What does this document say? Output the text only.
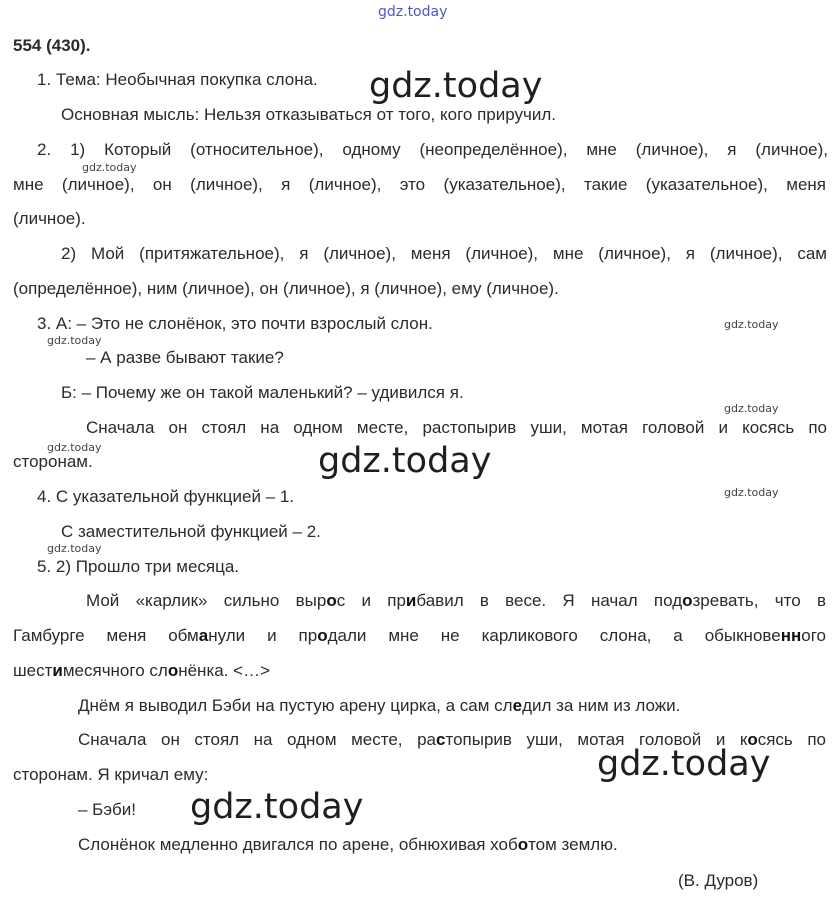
gdz.today
554 (430).
1. Тема: Необычная покупка слона.
Основная мысль: Нельзя отказываться от того, кого приручил.
2. 1) Который (относительное), одному (неопределённое), мне (личное), я (личное),
мне (личное), он (личное), я (личное), это (указательное), такие (указательное), меня
(личное).
2) Мой (притяжательное), я (личное), меня (личное), мне (личное), я (личное), сам
(определённое), ним (личное), он (личное), я (личное), ему (личное).
3. А: – Это не слонёнок, это почти взрослый слон.
– А разве бывают такие?
Б: – Почему же он такой маленький? – удивился я.
Сначала он стоял на одном месте, растопырив уши, мотая головой и косясь по
сторонам.
4. С указательной функцией – 1.
С заместительной функцией – 2.
5. 2) Прошло три месяца.
Мой «карлик» сильно вырос и прибавил в весе. Я начал подозревать, что в
Гамбурге меня обманули и продали мне не карликового слона, а обыкновенного
шестимесячного слонёнка. <…>
Днём я выводил Бэби на пустую арену цирка, а сам следил за ним из ложи.
Сначала он стоял на одном месте, растопырив уши, мотая головой и косясь по
сторонам. Я кричал ему:
– Бэби!
Слонёнок медленно двигался по арене, обнюхивая хоботом землю.
(В. Дуров)
gdz.today
gdz.today
gdz.today
gdz.today
gdz.today
gdz.today
gdz.today
gdz.today
gdz.today
gdz.today
gdz.today
